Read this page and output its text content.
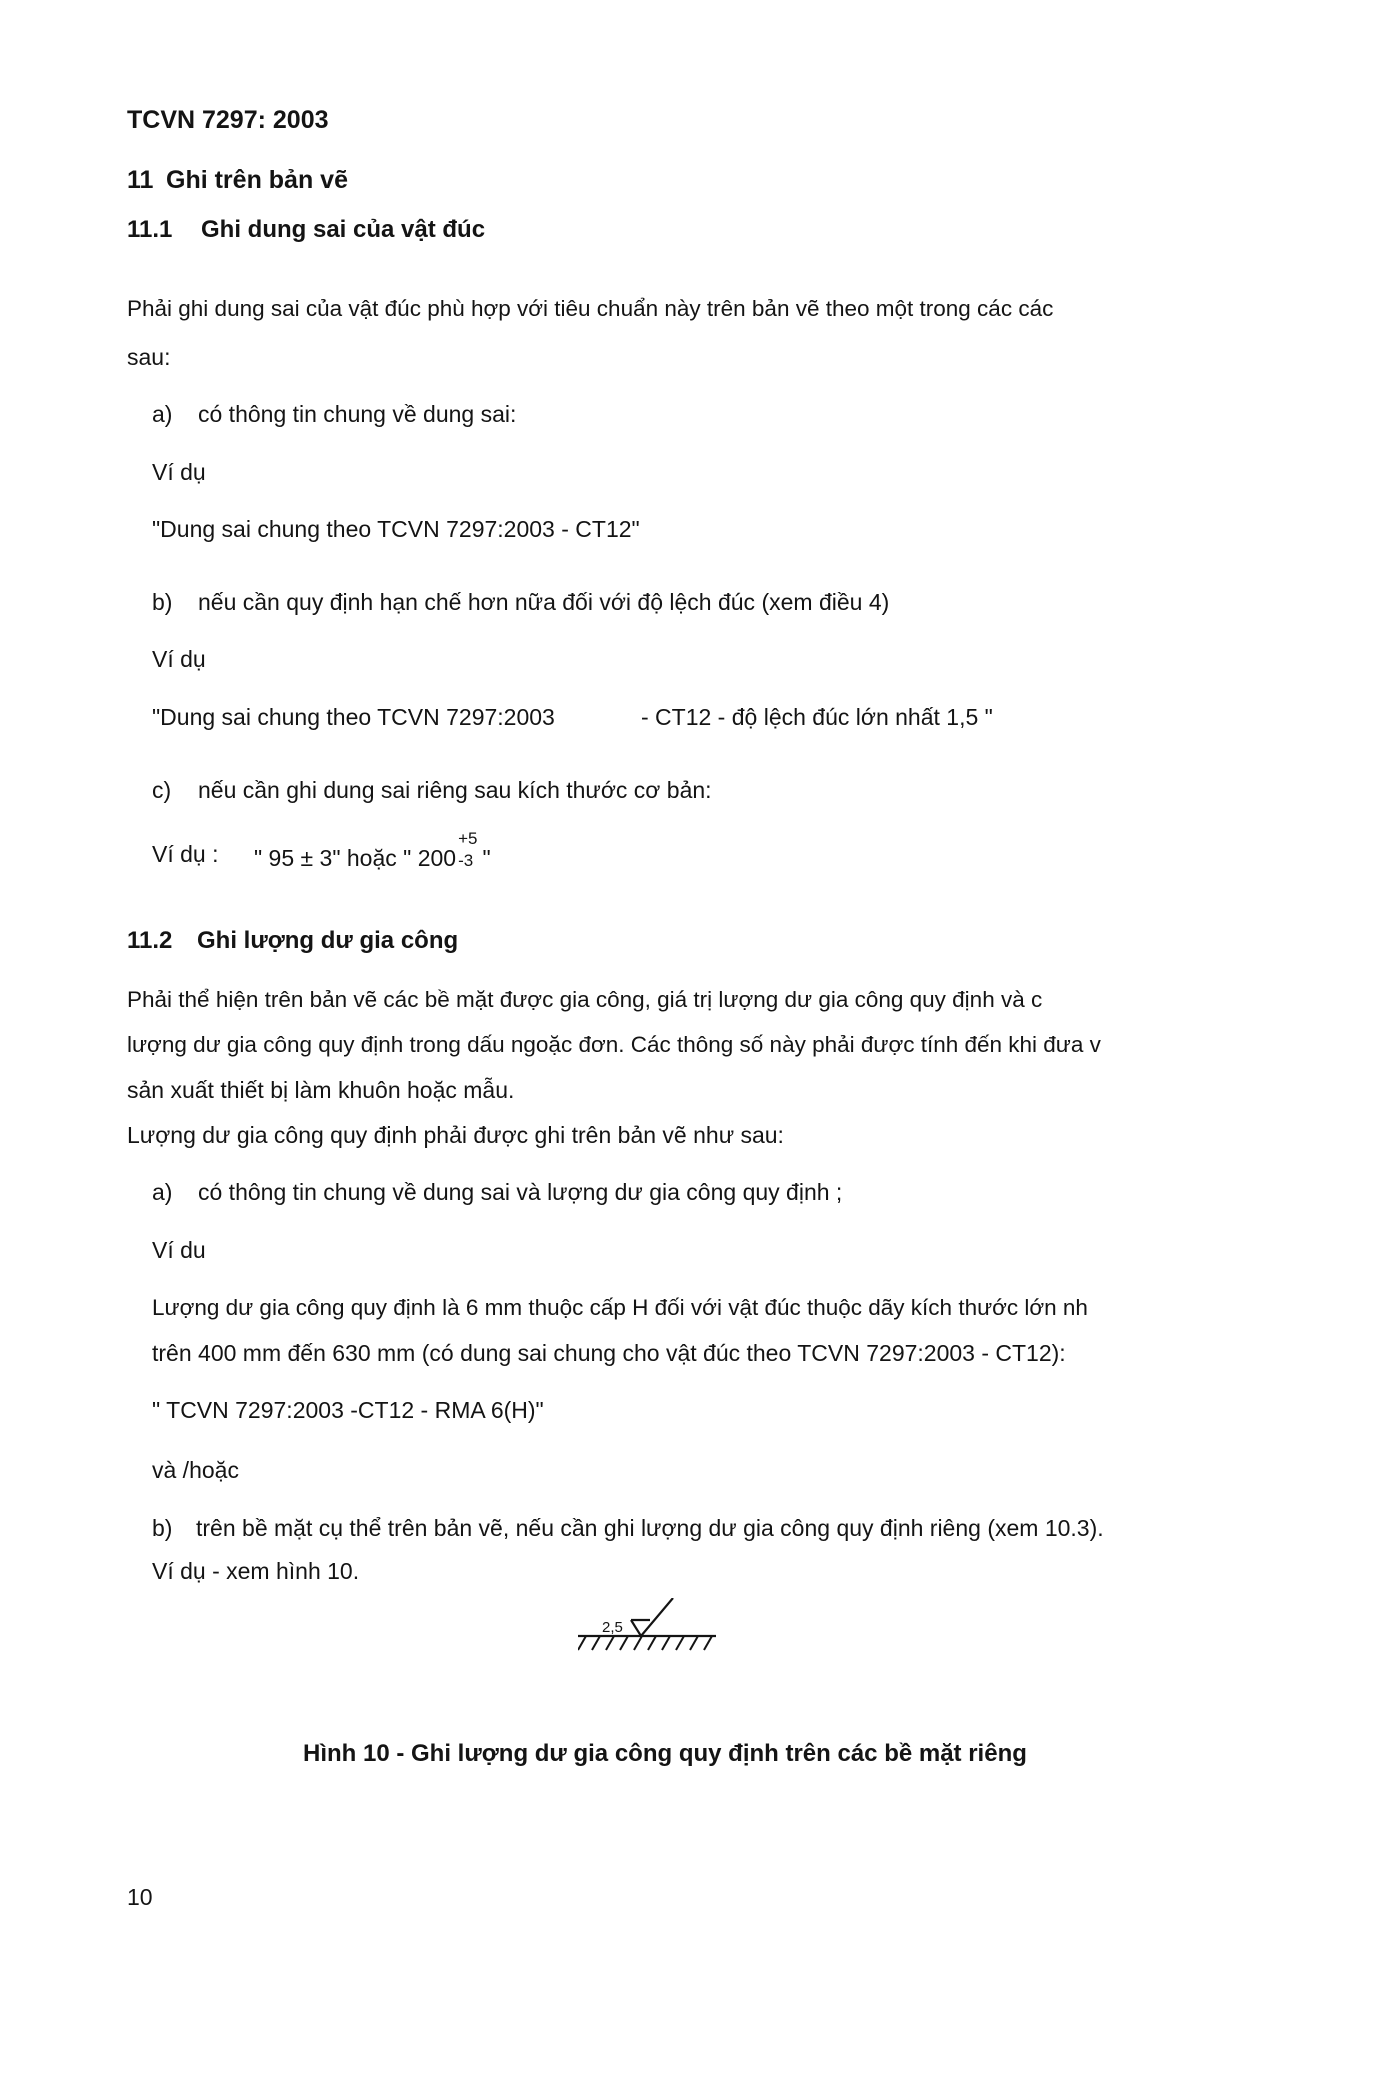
TCVN 7297: 2003
11 Ghi trên bản vẽ
11.1 Ghi dung sai của vật đúc
Phải ghi dung sai của vật đúc phù hợp với tiêu chuẩn này trên bản vẽ theo một trong các các
sau:
a) có thông tin chung về dung sai:
Ví dụ
"Dung sai chung theo TCVN 7297:2003 - CT12"
b) nếu cần quy định hạn chế hơn nữa đối với độ lệch đúc (xem điều 4)
Ví dụ
"Dung sai chung theo TCVN 7297:2003	- CT12 - độ lệch đúc lớn nhất 1,5 "
c) nếu cần ghi dung sai riêng sau kích thước cơ bản:
Ví dụ : " 95 ± 3" hoặc " 200
+5
-3 "
11.2 Ghi lượng dư gia công
Phải thể hiện trên bản vẽ các bề mặt được gia công, giá trị lượng dư gia công quy định và c
lượng dư gia công quy định trong dấu ngoặc đơn. Các thông số này phải được tính đến khi đưa v
sản xuất thiết bị làm khuôn hoặc mẫu.
Lượng dư gia công quy định phải được ghi trên bản vẽ như sau:
a) có thông tin chung về dung sai và lượng dư gia công quy định ;
Ví du
Lượng dư gia công quy định là 6 mm thuộc cấp H đối với vật đúc thuộc dãy kích thước lớn nh
trên 400 mm đến 630 mm (có dung sai chung cho vật đúc theo TCVN 7297:2003 - CT12):
" TCVN 7297:2003 -CT12 - RMA 6(H)"
và /hoặc
b) trên bề mặt cụ thể trên bản vẽ, nếu cần ghi lượng dư gia công quy định riêng (xem 10.3).
Ví dụ - xem hình 10.
2,5
Hình 10 - Ghi lượng dư gia công quy định trên các bề mặt riêng
10
